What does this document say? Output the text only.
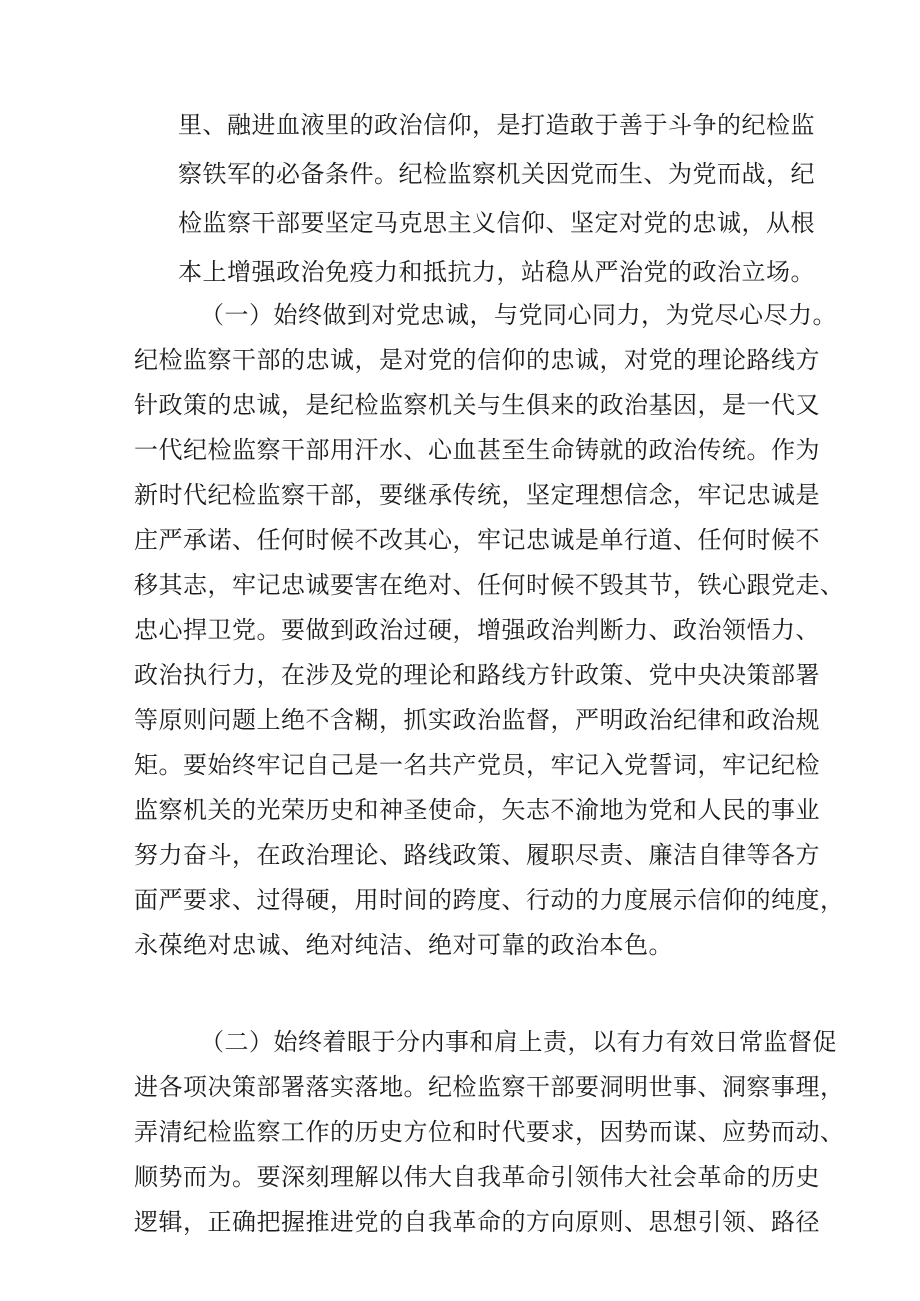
里、融进血液里的政治信仰，是打造敢于善于斗争的纪检监

察铁军的必备条件。纪检监察机关因党而生、为党而战，纪

检监察干部要坚定马克思主义信仰、坚定对党的忠诚，从根

本上增强政治免疫力和抵抗力，站稳从严治党的政治立场。

（一）始终做到对党忠诚，与党同心同力，为党尽心尽力。

纪检监察干部的忠诚，是对党的信仰的忠诚，对党的理论路线方

针政策的忠诚，是纪检监察机关与生俱来的政治基因，是一代又

一代纪检监察干部用汗水、心血甚至生命铸就的政治传统。作为

新时代纪检监察干部，要继承传统，坚定理想信念，牢记忠诚是

庄严承诺、任何时候不改其心，牢记忠诚是单行道、任何时候不

移其志，牢记忠诚要害在绝对、任何时候不毁其节，铁心跟党走、

忠心捍卫党。要做到政治过硬，增强政治判断力、政治领悟力、

政治执行力，在涉及党的理论和路线方针政策、党中央决策部署

等原则问题上绝不含糊，抓实政治监督，严明政治纪律和政治规

矩。要始终牢记自己是一名共产党员，牢记入党誓词，牢记纪检

监察机关的光荣历史和神圣使命，矢志不渝地为党和人民的事业

努力奋斗，在政治理论、路线政策、履职尽责、廉洁自律等各方

面严要求、过得硬，用时间的跨度、行动的力度展示信仰的纯度，

永葆绝对忠诚、绝对纯洁、绝对可靠的政治本色。

（二）始终着眼于分内事和肩上责，以有力有效日常监督促

进各项决策部署落实落地。纪检监察干部要洞明世事、洞察事理，

弄清纪检监察工作的历史方位和时代要求，因势而谋、应势而动、

顺势而为。要深刻理解以伟大自我革命引领伟大社会革命的历史

逻辑，正确把握推进党的自我革命的方向原则、思想引领、路径
